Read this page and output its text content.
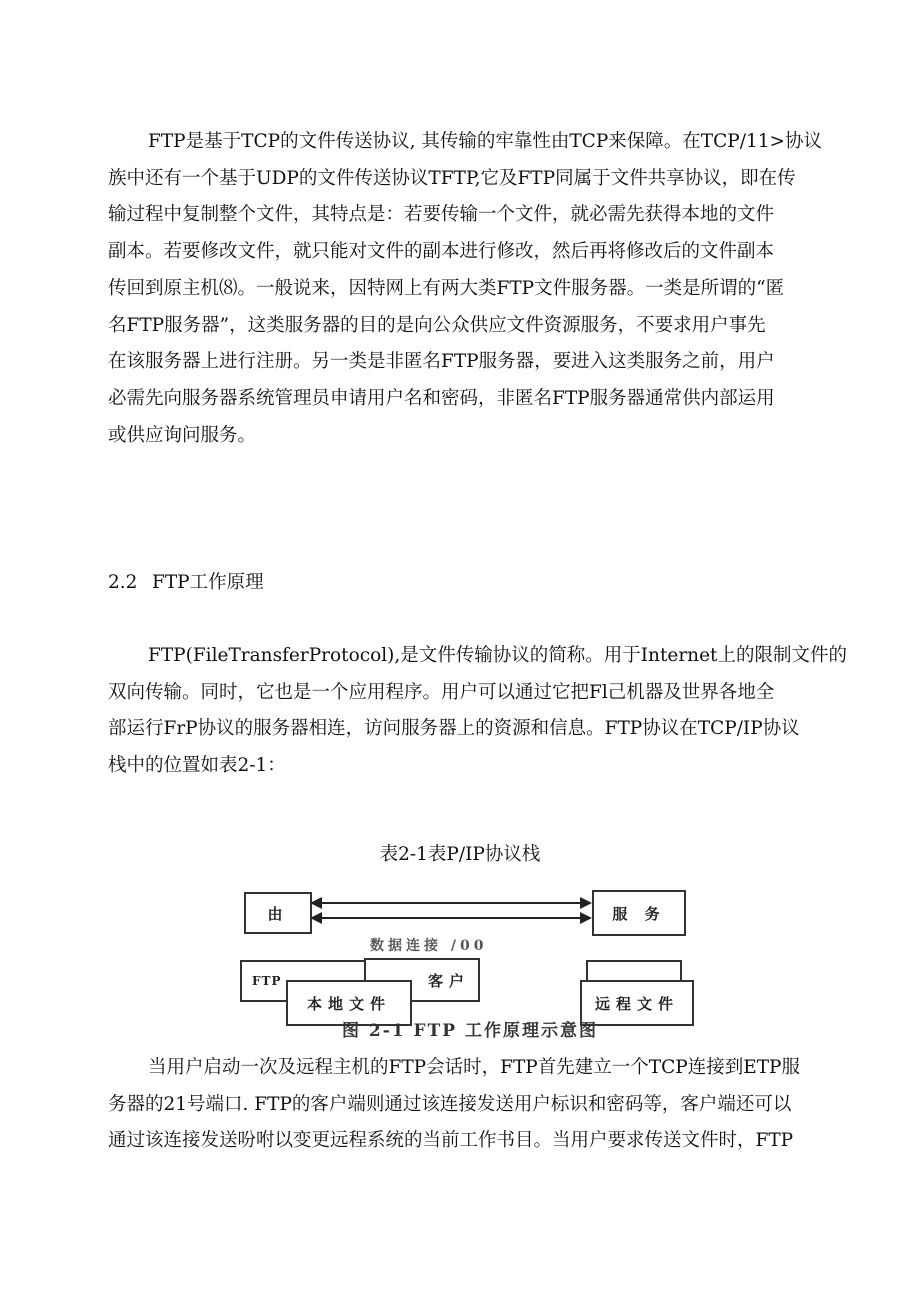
FTP是基于TCP的文件传送协议, 其传输的牢靠性由TCP来保障。在TCP/11>协议
族中还有一个基于UDP的文件传送协议TFTP,它及FTP同属于文件共享协议，即在传
输过程中复制整个文件，其特点是：若要传输一个文件，就必需先获得本地的文件
副本。若要修改文件，就只能对文件的副本进行修改，然后再将修改后的文件副本
传回到原主机⑻。一般说来，因特网上有两大类FTP文件服务器。一类是所谓的“匿
名FTP服务器”，这类服务器的目的是向公众供应文件资源服务，不要求用户事先
在该服务器上进行注册。另一类是非匿名FTP服务器，要进入这类服务之前，用户
必需先向服务器系统管理员申请用户名和密码，非匿名FTP服务器通常供内部运用
或供应询问服务。
2.2 FTP工作原理
FTP(FileTransferProtocol),是文件传输协议的简称。用于Internet上的限制文件的
双向传输。同时，它也是一个应用程序。用户可以通过它把Fl己机器及世界各地全
部运行FrP协议的服务器相连，访问服务器上的资源和信息。FTP协议在TCP/IP协议
栈中的位置如表2-1：
表2-1表P/IP协议栈
由	服 务
数据连接 /00
FTP	客户
本地文件	远程文件
图 2-1 FTP 工作原理示意图
当用户启动一次及远程主机的FTP会话时，FTP首先建立一个TCP连接到ETP服
务器的21号端口. FTP的客户端则通过该连接发送用户标识和密码等，客户端还可以
通过该连接发送吩咐以变更远程系统的当前工作书目。当用户要求传送文件时，FTP
